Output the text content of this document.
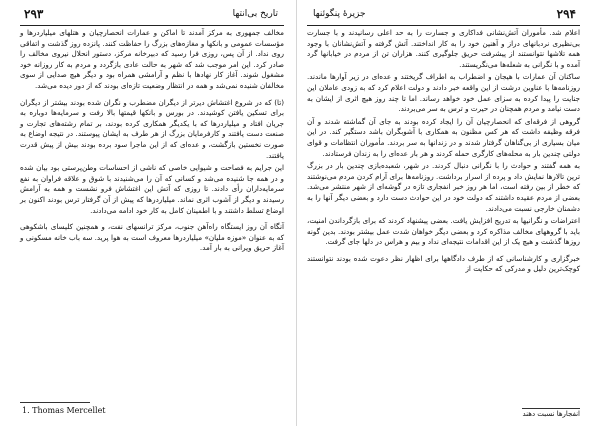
۲۹۳	تاریخ بی‌انتها

مخالف جمهوری به مرکز آمدند تا اماکن و عمارات انحصارچیان و هتلهای میلیاردرها و مؤسسات عمومی و بانکها و مغازه‌های بزرگ را حفاظت کنند. پانزده روز گذشت و اتفاقی روی نداد. از آن پس، روزی فرا رسید که دبیرخانه مرکز، دستور انحلال نیروی مخالف را صادر کرد. این امر موجب شد که شهر به حالت عادی بازگردد و مردم به کار روزانه خود مشغول شوند. آغاز کار نهادها با نظم و آرامشی همراه بود و دیگر هیچ صدایی از سوی مخالفان شنیده نمی‌شد و همه در انتظار وضعیت تازه‌ای بودند که از دور دیده می‌شد.

(تا) که در شروع اغتشاش دیرتر از دیگران مضطرب و نگران شده بودند بیشتر از دیگران برای تسکین یافتن کوشیدند. در بورس و بانکها قیمتها بالا رفت و سرمایه‌ها دوباره به جریان افتاد و میلیاردرها که با یکدیگر همکاری کرده بودند، بر تمام رشته‌های تجارت و صنعت دست یافتند و کارفرمایان بزرگ از هر طرف به ایشان پیوستند. در نتیجه اوضاع به صورت نخستین بازگشت، و عده‌ای که از این ماجرا سود برده بودند بیش از پیش قدرت یافتند.

این جرایم به فصاحت و شیوایی خاصی که ناشی از احساسات وطن‌پرستی بود بیان شده و در همه جا شنیده می‌شد و کسانی که آن را می‌شنیدند با شوق و علاقه فراوان به نفع سرمایه‌داران رأی دادند. تا روزی که آتش این اغتشاش فرو نشست و همه به آرامش رسیدند و دیگر از آشوب اثری نماند. میلیاردرها که پیش از آن گرفتار ترس بودند اکنون بر اوضاع تسلط داشتند و با اطمینان کامل به کار خود ادامه می‌دادند.

آنگاه آن روز ایستگاه راه‌آهن جنوب، مرکز ترانسهای نفت، و همچنین کلیسای باشکوهی که به عنوان «موزه ملیان» میلیاردرها معروف است به هوا پرید. سه باب خانه مسکونی و آغاز حریق ویرانی به بار آمد.

1. Thomas Mercellet
جزیرهٔ پنگوئنها	۲۹۴

اعلام شد. مأموران آتش‌نشانی فداکاری و جسارت را به حد اعلی رسانیدند و با جسارت بی‌نظیری نردبانهای دراز و آهنین خود را به کار انداختند. آتش گرفته و آتش‌نشانان با وجود همه تلاشها نتوانستند از پیشرفت حریق جلوگیری کنند. هزاران تن از مردم در خیابانها گرد آمده و با نگرانی به شعله‌ها می‌نگریستند.

ساکنان آن عمارات با هیجان و اضطراب به اطراف گریختند و عده‌ای در زیر آوارها ماندند. روزنامه‌ها با عناوین درشت از این واقعه خبر دادند و دولت اعلام کرد که به زودی عاملان این جنایت را پیدا کرده به سزای عمل خود خواهد رساند. اما تا چند روز هیچ اثری از ایشان به دست نیامد و مردم همچنان در حیرت و ترس به سر می‌بردند.

گروهی از فرقه‌ای که انحصارچیان آن را ایجاد کرده بودند به جای آن گماشته شدند و آن فرقه وظیفه داشت که هر کس مظنون به همکاری با آشوبگران باشد دستگیر کند. در این میان بسیاری از بی‌گناهان گرفتار شدند و در زندانها به سر بردند. مأموران انتظامات و قوای دولتی چندین بار به محله‌های کارگری حمله کردند و هر بار عده‌ای را به زندان فرستادند.

به همه گفتند و حوادث را با نگرانی دنبال کردند. در شهر، شعبده‌بازی چندین بار در بزرگ ترین تالارها نمایش داد و پرده از اسرار برداشت. روزنامه‌ها برای آرام کردن مردم می‌نوشتند که خطر از بین رفته است، اما هر روز خبر انفجاری تازه در گوشه‌ای از شهر منتشر می‌شد. بعضی از مردم عقیده داشتند که دولت خود در این حوادث دست دارد و بعضی دیگر آنها را به دشمنان خارجی نسبت می‌دادند.

اعتراضات و نگرانیها به تدریج افزایش یافت. بعضی پیشنهاد کردند که برای بازگرداندن امنیت، باید با گروههای مخالف مذاکره کرد و بعضی دیگر خواهان شدت عمل بیشتر بودند. بدین گونه روزها گذشت و هیچ یک از این اقدامات نتیجه‌ای نداد و بیم و هراس در دلها جای گرفت.

خبرگزاری و کارشناسانی که از طرف دادگاهها برای اظهار نظر دعوت شده بودند نتوانستند کوچک‌ترین دلیل و مدرکی که حکایت از

انفجارها نسبت دهند
